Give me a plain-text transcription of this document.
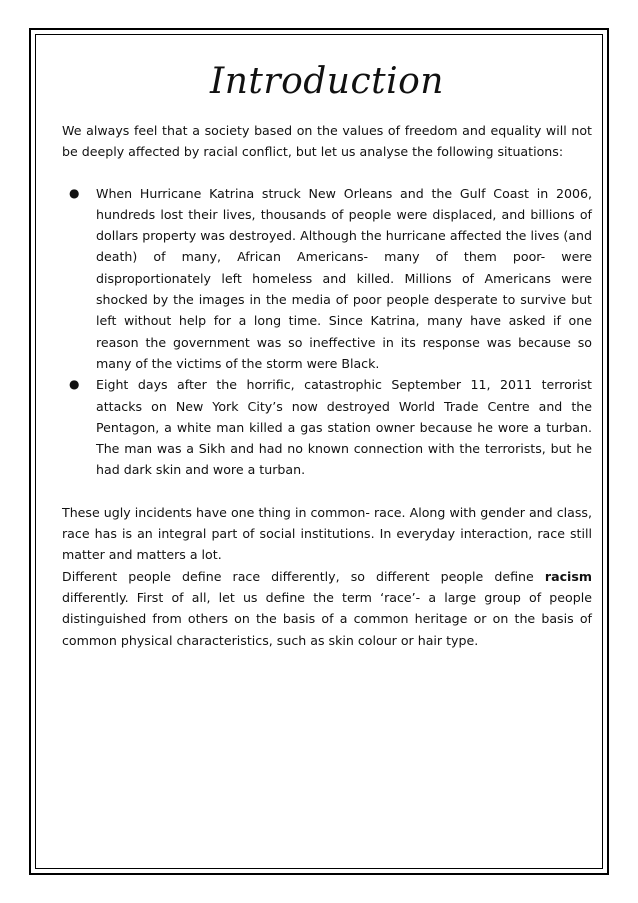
Introduction

We always feel that a society based on the values of freedom and equality will not be deeply affected by racial conflict, but let us analyse the following situations:

● When Hurricane Katrina struck New Orleans and the Gulf Coast in 2006, hundreds lost their lives, thousands of people were displaced, and billions of dollars property was destroyed. Although the hurricane affected the lives (and death) of many, African Americans- many of them poor- were disproportionately left homeless and killed. Millions of Americans were shocked by the images in the media of poor people desperate to survive but left without help for a long time. Since Katrina, many have asked if one reason the government was so ineffective in its response was because so many of the victims of the storm were Black.
● Eight days after the horrific, catastrophic September 11, 2011 terrorist attacks on New York City’s now destroyed World Trade Centre and the Pentagon, a white man killed a gas station owner because he wore a turban. The man was a Sikh and had no known connection with the terrorists, but he had dark skin and wore a turban.

These ugly incidents have one thing in common- race. Along with gender and class, race has is an integral part of social institutions. In everyday interaction, race still matter and matters a lot.

Different people define race differently, so different people define racism differently. First of all, let us define the term ‘race’- a large group of people distinguished from others on the basis of a common heritage or on the basis of common physical characteristics, such as skin colour or hair type.
